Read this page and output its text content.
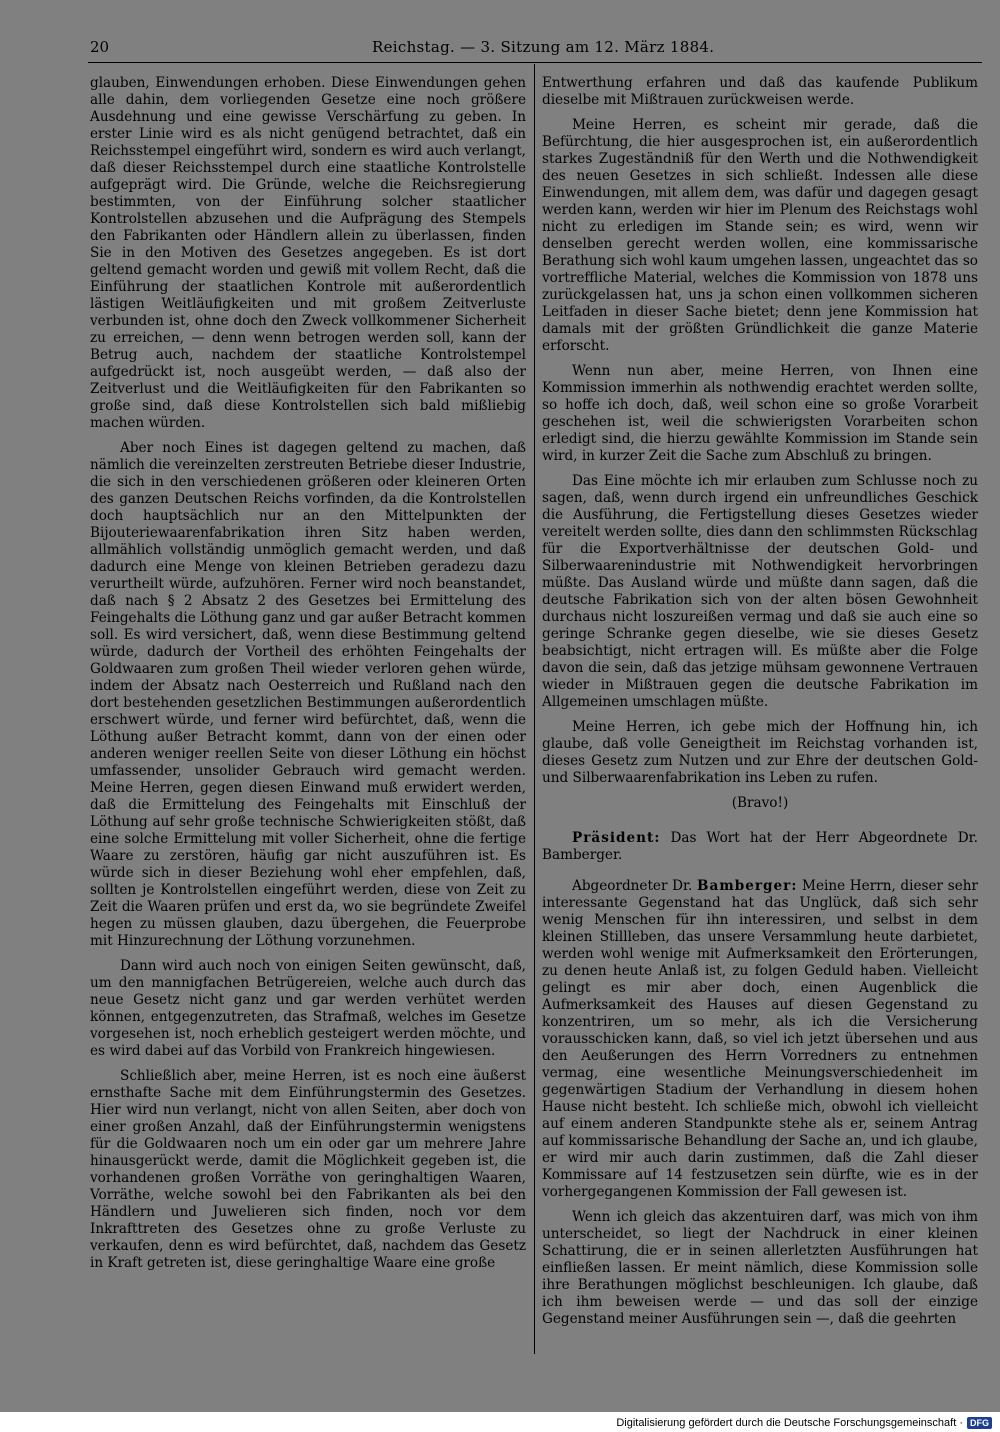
20	Reichstag. — 3. Sitzung am 12. März 1884.

glauben, Einwendungen erhoben. Diese Einwendungen gehen alle dahin, dem vorliegenden Gesetze eine noch größere Ausdehnung und eine gewisse Verschärfung zu geben. In erster Linie wird es als nicht genügend betrachtet, daß ein Reichsstempel eingeführt wird, sondern es wird auch verlangt, daß dieser Reichsstempel durch eine staatliche Kontrolstelle aufgeprägt wird. Die Gründe, welche die Reichsregierung bestimmten, von der Einführung solcher staatlicher Kontrolstellen abzusehen und die Aufprägung des Stempels den Fabrikanten oder Händlern allein zu überlassen, finden Sie in den Motiven des Gesetzes angegeben. Es ist dort geltend gemacht worden und gewiß mit vollem Recht, daß die Einführung der staatlichen Kontrole mit außerordentlich lästigen Weitläufigkeiten und mit großem Zeitverluste verbunden ist, ohne doch den Zweck vollkommener Sicherheit zu erreichen, — denn wenn betrogen werden soll, kann der Betrug auch, nachdem der staatliche Kontrolstempel aufgedrückt ist, noch ausgeübt werden, — daß also der Zeitverlust und die Weitläufigkeiten für den Fabrikanten so große sind, daß diese Kontrolstellen sich bald mißliebig machen würden.

Aber noch Eines ist dagegen geltend zu machen, daß nämlich die vereinzelten zerstreuten Betriebe dieser Industrie, die sich in den verschiedenen größeren oder kleineren Orten des ganzen Deutschen Reichs vorfinden, da die Kontrolstellen doch hauptsächlich nur an den Mittelpunkten der Bijouteriewaarenfabrikation ihren Sitz haben werden, allmählich vollständig unmöglich gemacht werden, und daß dadurch eine Menge von kleinen Betrieben geradezu dazu verurtheilt würde, aufzuhören. Ferner wird noch beanstandet, daß nach § 2 Absatz 2 des Gesetzes bei Ermittelung des Feingehalts die Löthung ganz und gar außer Betracht kommen soll. Es wird versichert, daß, wenn diese Bestimmung geltend würde, dadurch der Vortheil des erhöhten Feingehalts der Goldwaaren zum großen Theil wieder verloren gehen würde, indem der Absatz nach Oesterreich und Rußland nach den dort bestehenden gesetzlichen Bestimmungen außerordentlich erschwert würde, und ferner wird befürchtet, daß, wenn die Löthung außer Betracht kommt, dann von der einen oder anderen weniger reellen Seite von dieser Löthung ein höchst umfassender, unsolider Gebrauch wird gemacht werden. Meine Herren, gegen diesen Einwand muß erwidert werden, daß die Ermittelung des Feingehalts mit Einschluß der Löthung auf sehr große technische Schwierigkeiten stößt, daß eine solche Ermittelung mit voller Sicherheit, ohne die fertige Waare zu zerstören, häufig gar nicht auszuführen ist. Es würde sich in dieser Beziehung wohl eher empfehlen, daß, sollten je Kontrolstellen eingeführt werden, diese von Zeit zu Zeit die Waaren prüfen und erst da, wo sie begründete Zweifel hegen zu müssen glauben, dazu übergehen, die Feuerprobe mit Hinzurechnung der Löthung vorzunehmen.

Dann wird auch noch von einigen Seiten gewünscht, daß, um den mannigfachen Betrügereien, welche auch durch das neue Gesetz nicht ganz und gar werden verhütet werden können, entgegenzutreten, das Strafmaß, welches im Gesetze vorgesehen ist, noch erheblich gesteigert werden möchte, und es wird dabei auf das Vorbild von Frankreich hingewiesen.

Schließlich aber, meine Herren, ist es noch eine äußerst ernsthafte Sache mit dem Einführungstermin des Gesetzes. Hier wird nun verlangt, nicht von allen Seiten, aber doch von einer großen Anzahl, daß der Einführungstermin wenigstens für die Goldwaaren noch um ein oder gar um mehrere Jahre hinausgerückt werde, damit die Möglichkeit gegeben ist, die vorhandenen großen Vorräthe von geringhaltigen Waaren, Vorräthe, welche sowohl bei den Fabrikanten als bei den Händlern und Juwelieren sich finden, noch vor dem Inkrafttreten des Gesetzes ohne zu große Verluste zu verkaufen, denn es wird befürchtet, daß, nachdem das Gesetz in Kraft getreten ist, diese geringhaltige Waare eine große

Entwerthung erfahren und daß das kaufende Publikum dieselbe mit Mißtrauen zurückweisen werde.

Meine Herren, es scheint mir gerade, daß die Befürchtung, die hier ausgesprochen ist, ein außerordentlich starkes Zugeständniß für den Werth und die Nothwendigkeit des neuen Gesetzes in sich schließt. Indessen alle diese Einwendungen, mit allem dem, was dafür und dagegen gesagt werden kann, werden wir hier im Plenum des Reichstags wohl nicht zu erledigen im Stande sein; es wird, wenn wir denselben gerecht werden wollen, eine kommissarische Berathung sich wohl kaum umgehen lassen, ungeachtet das so vortreffliche Material, welches die Kommission von 1878 uns zurückgelassen hat, uns ja schon einen vollkommen sicheren Leitfaden in dieser Sache bietet; denn jene Kommission hat damals mit der größten Gründlichkeit die ganze Materie erforscht.

Wenn nun aber, meine Herren, von Ihnen eine Kommission immerhin als nothwendig erachtet werden sollte, so hoffe ich doch, daß, weil schon eine so große Vorarbeit geschehen ist, weil die schwierigsten Vorarbeiten schon erledigt sind, die hierzu gewählte Kommission im Stande sein wird, in kurzer Zeit die Sache zum Abschluß zu bringen.

Das Eine möchte ich mir erlauben zum Schlusse noch zu sagen, daß, wenn durch irgend ein unfreundliches Geschick die Ausführung, die Fertigstellung dieses Gesetzes wieder vereitelt werden sollte, dies dann den schlimmsten Rückschlag für die Exportverhältnisse der deutschen Gold- und Silberwaarenindustrie mit Nothwendigkeit hervorbringen müßte. Das Ausland würde und müßte dann sagen, daß die deutsche Fabrikation sich von der alten bösen Gewohnheit durchaus nicht loszureißen vermag und daß sie auch eine so geringe Schranke gegen dieselbe, wie sie dieses Gesetz beabsichtigt, nicht ertragen will. Es müßte aber die Folge davon die sein, daß das jetzige mühsam gewonnene Vertrauen wieder in Mißtrauen gegen die deutsche Fabrikation im Allgemeinen umschlagen müßte.

Meine Herren, ich gebe mich der Hoffnung hin, ich glaube, daß volle Geneigtheit im Reichstag vorhanden ist, dieses Gesetz zum Nutzen und zur Ehre der deutschen Gold- und Silberwaarenfabrikation ins Leben zu rufen.

(Bravo!)

Präsident: Das Wort hat der Herr Abgeordnete Dr. Bamberger.

Abgeordneter Dr. Bamberger: Meine Herrn, dieser sehr interessante Gegenstand hat das Unglück, daß sich sehr wenig Menschen für ihn interessiren, und selbst in dem kleinen Stillleben, das unsere Versammlung heute darbietet, werden wohl wenige mit Aufmerksamkeit den Erörterungen, zu denen heute Anlaß ist, zu folgen Geduld haben. Vielleicht gelingt es mir aber doch, einen Augenblick die Aufmerksamkeit des Hauses auf diesen Gegenstand zu konzentriren, um so mehr, als ich die Versicherung vorausschicken kann, daß, so viel ich jetzt übersehen und aus den Aeußerungen des Herrn Vorredners zu entnehmen vermag, eine wesentliche Meinungsverschiedenheit im gegenwärtigen Stadium der Verhandlung in diesem hohen Hause nicht besteht. Ich schließe mich, obwohl ich vielleicht auf einem anderen Standpunkte stehe als er, seinem Antrag auf kommissarische Behandlung der Sache an, und ich glaube, er wird mir auch darin zustimmen, daß die Zahl dieser Kommissare auf 14 festzusetzen sein dürfte, wie es in der vorhergegangenen Kommission der Fall gewesen ist.

Wenn ich gleich das akzentuiren darf, was mich von ihm unterscheidet, so liegt der Nachdruck in einer kleinen Schattirung, die er in seinen allerletzten Ausführungen hat einfließen lassen. Er meint nämlich, diese Kommission solle ihre Berathungen möglichst beschleunigen. Ich glaube, daß ich ihm beweisen werde — und das soll der einzige Gegenstand meiner Ausführungen sein —, daß die geehrten

Digitalisierung gefördert durch die Deutsche Forschungsgemeinschaft · DFG
